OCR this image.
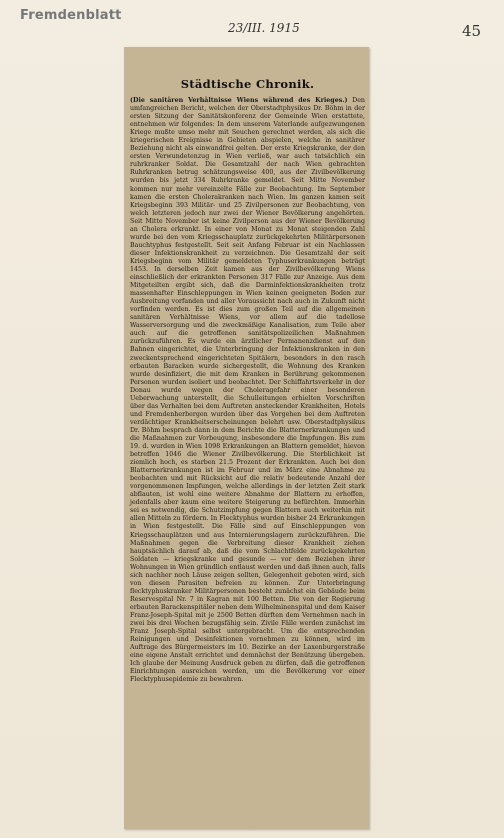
Fremdenblatt
23/III. 1915	45
Städtische Chronik.

(Die sanitären Verhältnisse Wiens während des Krieges.) Den umfangreichen Bericht, welchen der Oberstadtphysikus Dr. Böhm in der ersten Sitzung der Sanitätskonferenz der Gemeinde Wien erstattete, entnehmen wir folgendes: In dem unserem Vaterlande aufgezwungenen Kriege mußte umso mehr mit Seuchen gerechnet werden, als sich die kriegerischen Ereignisse in Gebieten abspielen, welche in sanitärer Beziehung nicht als einwandfrei gelten. Der erste Kriegskranke, der den ersten Verwundetenzug in Wien verließ, war auch tatsächlich ein ruhrkranker Soldat. Die Gesamtzahl der nach Wien gebrachten Ruhrkranken betrug schätzungsweise 400, aus der Zivilbevölkerung wurden bis jetzt 334 Ruhrkranke gemeldet. Seit Mitte November kommen nur mehr vereinzelte Fälle zur Beobachtung. Im September kamen die ersten Cholerakranken nach Wien. Im ganzen kamen seit Kriegsbeginn 393 Militär- und 25 Zivilpersonen zur Beobachtung, von welch letzteren jedoch nur zwei der Wiener Bevölkerung angehörten. Seit Mitte November ist keine Zivilperson aus der Wiener Bevölkerung an Cholera erkrankt. In einer von Monat zu Monat steigenden Zahl wurde bei den vom Kriegsschauplatz zurückgekehrten Militärpersonen Bauchtyphus festgestellt. Seit seit Anfang Februar ist ein Nachlassen dieser Infektionskrankheit zu verzeichnen. Die Gesamtzahl der seit Kriegsbeginn vom Militär gemeldeten Typhuserkrankungen beträgt 1453. In derselben Zeit kamen aus der Zivilbevölkerung Wiens einschließlich der erkrankten Personen 317 Fälle zur Anzeige. Aus dem Mitgeteilten ergibt sich, daß die Darminfektionskrankheiten trotz massenhafter Einschleppungen in Wien keinen geeigneten Boden zur Ausbreitung vorfanden und aller Voraussicht nach auch in Zukunft nicht vorfinden werden. Es ist dies zum großen Teil auf die allgemeinen sanitären Verhältnisse Wiens, vor allem auf die tadellose Wasserversorgung und die zweckmäßige Kanalisation, zum Teile aber auch auf die getroffenen sanitätspolizeilichen Maßnahmen zurückzuführen. Es wurde ein ärztlicher Permanenzdienst auf den Bahnen eingerichtet, die Unterbringung der Infektionskranken in den zweckentsprechend eingerichteten Spitälern, besonders in den rasch erbauten Baracken wurde sichergestellt, die Wohnung des Kranken wurde desinfiziert, die mit dem Kranken in Berührung gekommenen Personen wurden isoliert und beobachtet. Der Schiffahrtsverkehr in der Donau wurde wegen der Choleragefahr einer besonderen Ueberwachung unterstellt, die Schulleitungen erhielten Vorschriften über das Verhalten bei dem Auftreten ansteckender Krankheiten, Hotels und Fremdenherbergen wurden über das Vorgehen bei dem Auftreten verdächtiger Krankheitserscheinungen belehrt usw. Oberstadtphysikus Dr. Böhm besprach dann in dem Berichte die Blatternerkrankungen und die Maßnahmen zur Vorbeugung, insbesondere die Impfungen. Bis zum 19. d. wurden in Wien 1098 Erkrankungen an Blattern gemeldet, hievon betreffen 1046 die Wiener Zivilbevölkerung. Die Sterblichkeit ist ziemlich hoch, es starben 21.5 Prozent der Erkrankten. Auch bei den Blatternerkrankungen ist im Februar und im März eine Abnahme zu beobachten und mit Rücksicht auf die relativ bedeutende Anzahl der vorgenommenen Impfungen, welche allerdings in der letzten Zeit stark abflauten, ist wohl eine weitere Abnahme der Blattern zu erhoffen, jedenfalls aber kaum eine weitere Steigerung zu befürchten. Immerhin sei es notwendig, die Schutzimpfung gegen Blattern auch weiterhin mit allen Mitteln zu fördern. In Flecktyphus wurden bisher 24 Erkrankungen in Wien festgestellt. Die Fälle sind auf Einschleppungen von Kriegsschauplätzen und aus Internierungslagern zurückzuführen. Die Maßnahmen gegen die Verbreitung dieser Krankheit ziehen hauptsächlich darauf ab, daß die vom Schlachtfelde zurückgekehrten Soldaten — kriegskranke und gesunde — vor dem Beziehen ihrer Wohnungen in Wien gründlich entlaust werden und daß ihnen auch, falls sich nachher noch Läuse zeigen sollten, Gelegenheit geboten wird, sich von diesen Parasiten befreien zu können. Zur Unterbringung flecktyphuskranker Militärpersonen besteht zunächst ein Gebäude beim Reservespital Nr. 7 in Kagran mit 100 Betten. Die von der Regierung erbauten Barackenspitäler neben dem Wilhelminenspital und dem Kaiser Franz-Joseph-Spital mit je 2500 Betten dürften dem Vernehmen nach in zwei bis drei Wochen bezugsfähig sein. Zivile Fälle werden zunächst im Franz Joseph-Spital selbst untergebracht. Um die entsprechenden Reinigungen und Desinfektionen vornehmen zu können, wird im Auftrage des Bürgermeisters im 10. Bezirke an der Laxenburgerstraße eine eigene Anstalt errichtet und demnächst der Benützung übergeben. Ich glaube der Meinung Ausdruck geben zu dürfen, daß die getroffenen Einrichtungen ausreichen werden, um die Bevölkerung vor einer Flecktyphusepidemie zu bewahren.
